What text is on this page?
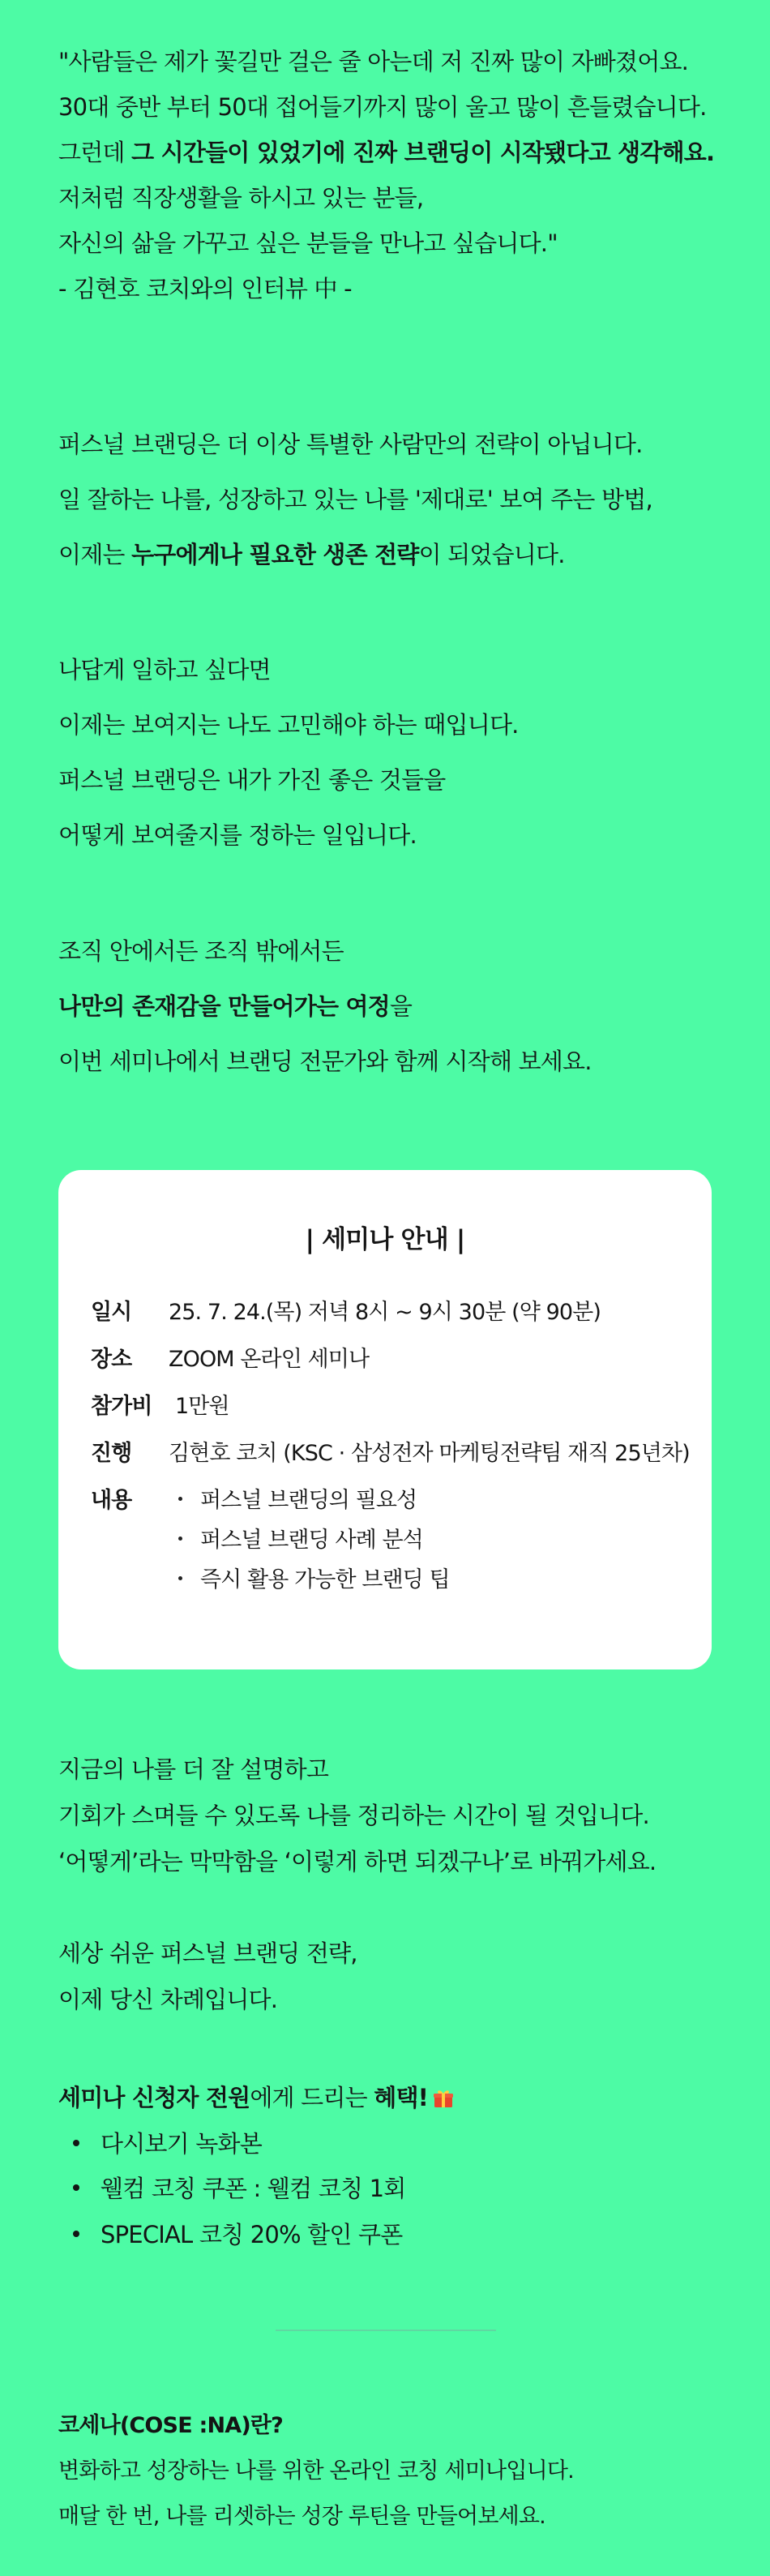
"사람들은 제가 꽃길만 걸은 줄 아는데 저 진짜 많이 자빠졌어요.

30대 중반 부터 50대 접어들기까지 많이 울고 많이 흔들렸습니다.

그런데 그 시간들이 있었기에 진짜 브랜딩이 시작됐다고 생각해요.

저처럼 직장생활을 하시고 있는 분들,

자신의 삶을 가꾸고 싶은 분들을 만나고 싶습니다."

- 김현호 코치와의 인터뷰 中 -

퍼스널 브랜딩은 더 이상 특별한 사람만의 전략이 아닙니다.

일 잘하는 나를, 성장하고 있는 나를 '제대로' 보여 주는 방법,

이제는 누구에게나 필요한 생존 전략이 되었습니다.

나답게 일하고 싶다면

이제는 보여지는 나도 고민해야 하는 때입니다.

퍼스널 브랜딩은 내가 가진 좋은 것들을

어떻게 보여줄지를 정하는 일입니다.

조직 안에서든 조직 밖에서든

나만의 존재감을 만들어가는 여정을

이번 세미나에서 브랜딩 전문가와 함께 시작해 보세요.

| 세미나 안내 |
일시 25. 7. 24.(목) 저녁 8시 ~ 9시 30분 (약 90분)
장소 ZOOM 온라인 세미나
참가비 1만원
진행 김현호 코치 (KSC · 삼성전자 마케팅전략팀 재직 25년차)
내용	퍼스널 브랜딩의 필요성
퍼스널 브랜딩 사례 분석
즉시 활용 가능한 브랜딩 팁

지금의 나를 더 잘 설명하고

기회가 스며들 수 있도록 나를 정리하는 시간이 될 것입니다.

‘어떻게’라는 막막함을 ‘이렇게 하면 되겠구나’로 바꿔가세요.

세상 쉬운 퍼스널 브랜딩 전략,

이제 당신 차례입니다.

세미나 신청자 전원에게 드리는 혜택!

다시보기 녹화본
웰컴 코칭 쿠폰 : 웰컴 코칭 1회
SPECIAL 코칭 20% 할인 쿠폰

코세나(COSE :NA)란?

변화하고 성장하는 나를 위한 온라인 코칭 세미나입니다.

매달 한 번, 나를 리셋하는 성장 루틴을 만들어보세요.
